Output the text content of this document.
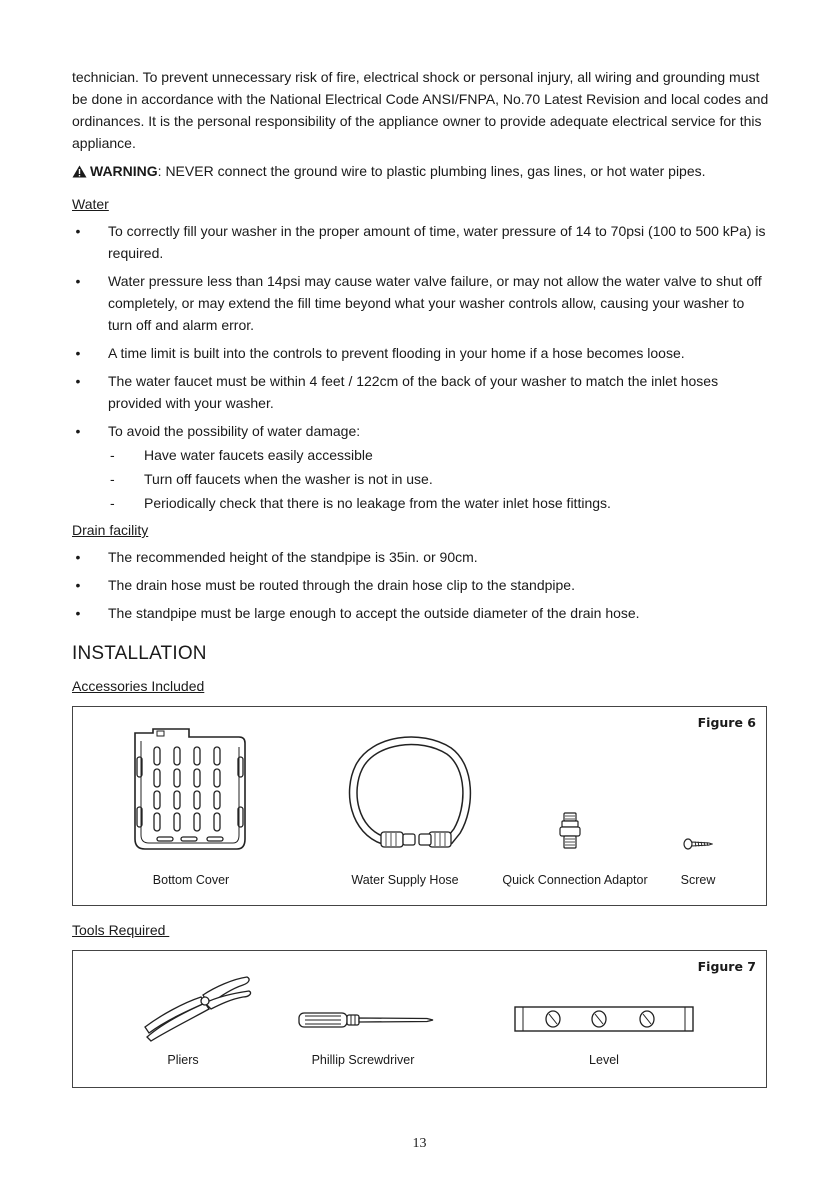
technician. To prevent unnecessary risk of fire, electrical shock or personal injury, all wiring and grounding must be done in accordance with the National Electrical Code ANSI/FNPA, No.70 Latest Revision and local codes and ordinances. It is the personal responsibility of the appliance owner to provide adequate electrical service for this appliance.

WARNING: NEVER connect the ground wire to plastic plumbing lines, gas lines, or hot water pipes.
Water
• To correctly fill your washer in the proper amount of time, water pressure of 14 to 70psi (100 to 500 kPa) is required.
• Water pressure less than 14psi may cause water valve failure, or may not allow the water valve to shut off completely, or may extend the fill time beyond what your washer controls allow, causing your washer to turn off and alarm error.
• A time limit is built into the controls to prevent flooding in your home if a hose becomes loose.
• The water faucet must be within 4 feet / 122cm of the back of your washer to match the inlet hoses provided with your washer.
• To avoid the possibility of water damage:
- Have water faucets easily accessible
- Turn off faucets when the washer is not in use.
- Periodically check that there is no leakage from the water inlet hose fittings.
Drain facility
• The recommended height of the standpipe is 35in. or 90cm.
• The drain hose must be routed through the drain hose clip to the standpipe.
• The standpipe must be large enough to accept the outside diameter of the drain hose.
INSTALLATION
Accessories Included
Figure 6
Bottom Cover	Water Supply Hose	Quick Connection Adaptor	Screw
Tools Required
Figure 7
Pliers	Phillip Screwdriver	Level
13
